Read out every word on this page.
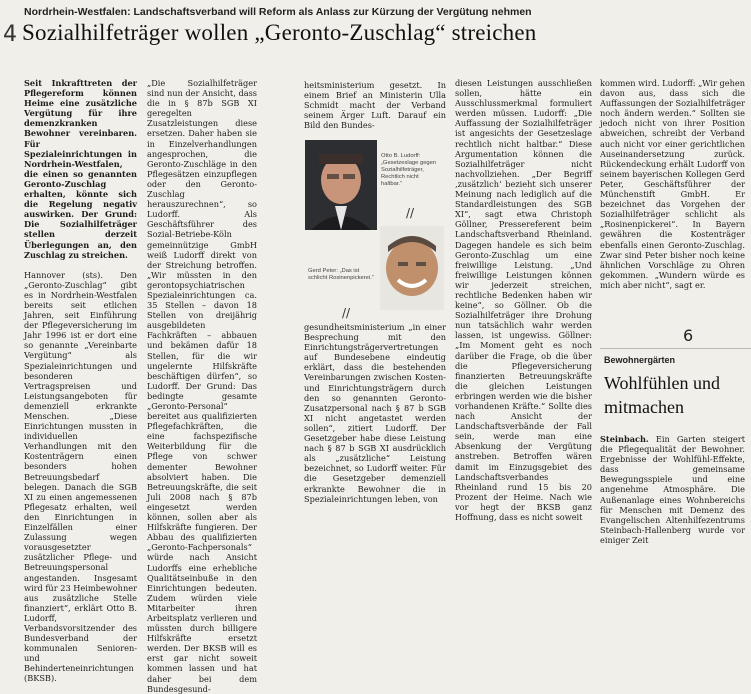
4
Nordrhein-Westfalen: Landschaftsverband will Reform als Anlass zur Kürzung der Vergütung nehmen
Sozialhilfeträger wollen „Geronto-Zuschlag“ streichen

Seit Inkrafttreten der Pflegereform können Heime eine zusätzliche Vergütung für ihre demenzkranken Bewohner vereinbaren. Für Spezialeinrichtungen in Nordrhein-Westfalen, die einen so genannten Geronto-Zuschlag erhalten, könnte sich die Regelung negativ auswirken. Der Grund: Die Sozialhilfeträger stellen derzeit Überlegungen an, den Zuschlag zu streichen.

Hannover (sts). Den „Geronto-Zuschlag“ gibt es in Nordrhein-Westfalen bereits seit etlichen Jahren, seit Einführung der Pflegeversicherung im Jahr 1996 ist er dort eine so genannte „Vereinbarte Vergütung“ als Spezialeinrichtungen und besonderen Vertragspreisen und Leistungsangeboten für demenziell erkrankte Menschen. „Diese Einrichtungen mussten in individuellen Verhandlungen mit den Kostenträgern einen besonders hohen Betreuungsbedarf belegen. Danach die SGB XI zu einen angemessenen Pflegesatz erhalten, weil den Einrichtungen in Einzelfällen einer Zulassung wegen vorausgesetzter zusätzlicher Pflege- und Betreuungspersonal angestanden. Insgesamt wird für 23 Heimbewohner aus zusätzliche Stelle finanziert“, erklärt Otto B. Ludorff, Verbandsvorsitzender des Bundesverband der kommunalen Senioren- und Behinderteneinrichtungen (BKSB).

„Die Sozialhilfeträger sind nun der Ansicht, dass die in § 87b SGB XI geregelten Zusatzleistungen diese ersetzen. Daher haben sie in Einzelverhandlungen angesprochen, die Geronto-Zuschläge in den Pflegesätzen einzupflegen oder den Geronto-Zuschlag herauszurechnen“, so Ludorff. Als Geschäftsführer des Sozial-Betriebe-Köln gemeinnützige GmbH weiß Ludorff direkt von der Streichung betroffen. „Wir müssten in den gerontopsychiatrischen Spezialeinrichtungen ca. 35 Stellen – davon 18 Stellen von dreijährig ausgebildeten Fachkräften – abbauen und bekämen dafür 18 Stellen, für die wir ungelernte Hilfskräfte beschäftigen dürfen“, so Ludorff. Der Grund: Das bedingte gesamte „Geronto-Personal“ bereitet aus qualifizierten Pflegefachkräften, die eine fachspezifische Weiterbildung für die Pflege von schwer dementer Bewohner absolviert haben. Die Betreuungskräfte, die seit Juli 2008 nach § 87b eingesetzt werden können, sollen aber als Hilfskräfte fungieren. Der Abbau des qualifizierten „Geronto-Fachpersonals“ würde nach Ansicht Ludorffs eine erhebliche Qualitätseinbuße in den Einrichtungen bedeuten. Zudem würden viele Mitarbeiter ihren Arbeitsplatz verlieren und müssten durch billigere Hilfskräfte ersetzt werden. Der BKSB will es erst gar nicht soweit kommen lassen und hat daher bei dem Bundesgesund-

heitsministerium gesetzt. In einem Brief an Ministerin Ulla Schmidt macht der Verband seinem Ärger Luft. Darauf ein Bild den Bundes-

Otto B. Ludorff: „Gesetzeslage gegen Sozialhilfeträger, Rechtlich nicht haltbar.“
//
Gerd Peter: „Das ist schlicht Rosinenpickerei.“
//

gesundheitsministerium „in einer Besprechung mit den Einrichtungsträgervertretungen auf Bundesebene eindeutig erklärt, dass die bestehenden Vereinbarungen zwischen Kosten- und Einrichtungsträgern durch den so genannten Geronto-Zusatzpersonal nach § 87 b SGB XI nicht angetastet werden sollen“, zitiert Ludorff. Der Gesetzgeber habe diese Leistung nach § 87 b SGB XI ausdrücklich als „zusätzliche“ Leistung bezeichnet, so Ludorff weiter. Für die Gesetzgeber demenziell erkrankte Bewohner die in Spezialeinrichtungen leben, von

diesen Leistungen ausschließen sollen, hätte ein Ausschlussmerkmal formuliert werden müssen. Ludorff: „Die Auffassung der Sozialhilfeträger ist angesichts der Gesetzeslage rechtlich nicht haltbar.“ Diese Argumentation können die Sozialhilfeträger nicht nachvollziehen. „Der Begriff ‚zusätzlich‘ bezieht sich unserer Meinung nach lediglich auf die Standardleistungen des SGB XI“, sagt etwa Christoph Göllner, Pressereferent beim Landschaftsverband Rheinland. Dagegen handele es sich beim Geronto-Zuschlag um eine freiwillige Leistung. „Und freiwillige Leistungen können wir jederzeit streichen, rechtliche Bedenken haben wir keine“, so Göllner. Ob die Sozialhilfeträger ihre Drohung nun tatsächlich wahr werden lassen, ist ungewiss. Göllner: „Im Moment geht es noch darüber die Frage, ob die über die Pflegeversicherung finanzierten Betreuungskräfte die gleichen Leistungen erbringen werden wie die bisher vorhandenen Kräfte.“ Sollte dies nach Ansicht der Landschaftsverbände der Fall sein, werde man eine Absenkung der Vergütung anstreben. Betroffen wären damit im Einzugsgebiet des Landschaftsverbandes Rheinland rund 15 bis 20 Prozent der Heime. Nach wie vor hegt der BKSB ganz Hoffnung, dass es nicht soweit

kommen wird. Ludorff: „Wir gehen davon aus, dass sich die Auffassungen der Sozialhilfeträger noch ändern werden.“ Sollten sie jedoch nicht von ihrer Position abweichen, schreibt der Verband auch nicht vor einer gerichtlichen Auseinandersetzung zurück. Rückendeckung erhält Ludorff von seinem bayerischen Kollegen Gerd Peter, Geschäftsführer der Münchenstift GmbH. Er bezeichnet das Vorgehen der Sozialhilfeträger schlicht als „Rosinenpickerei“. In Bayern gewähren die Kostenträger ebenfalls einen Geronto-Zuschlag. Zwar sind Peter bisher noch keine ähnlichen Vorschläge zu Ohren gekommen. „Wundern würde es mich aber nicht“, sagt er.

6
Bewohnergärten
Wohlfühlen und mitmachen
Steinbach. Ein Garten steigert die Pflegequalität der Bewohner. Ergebnisse der Wohlfühl-Effekte, dass gemeinsame Bewegungsspiele und eine angenehme Atmosphäre. Die Außenanlage eines Wohnbereichs für Menschen mit Demenz des Evangelischen Altenhilfezentrums Steinbach-Hallenberg wurde vor einiger Zeit
